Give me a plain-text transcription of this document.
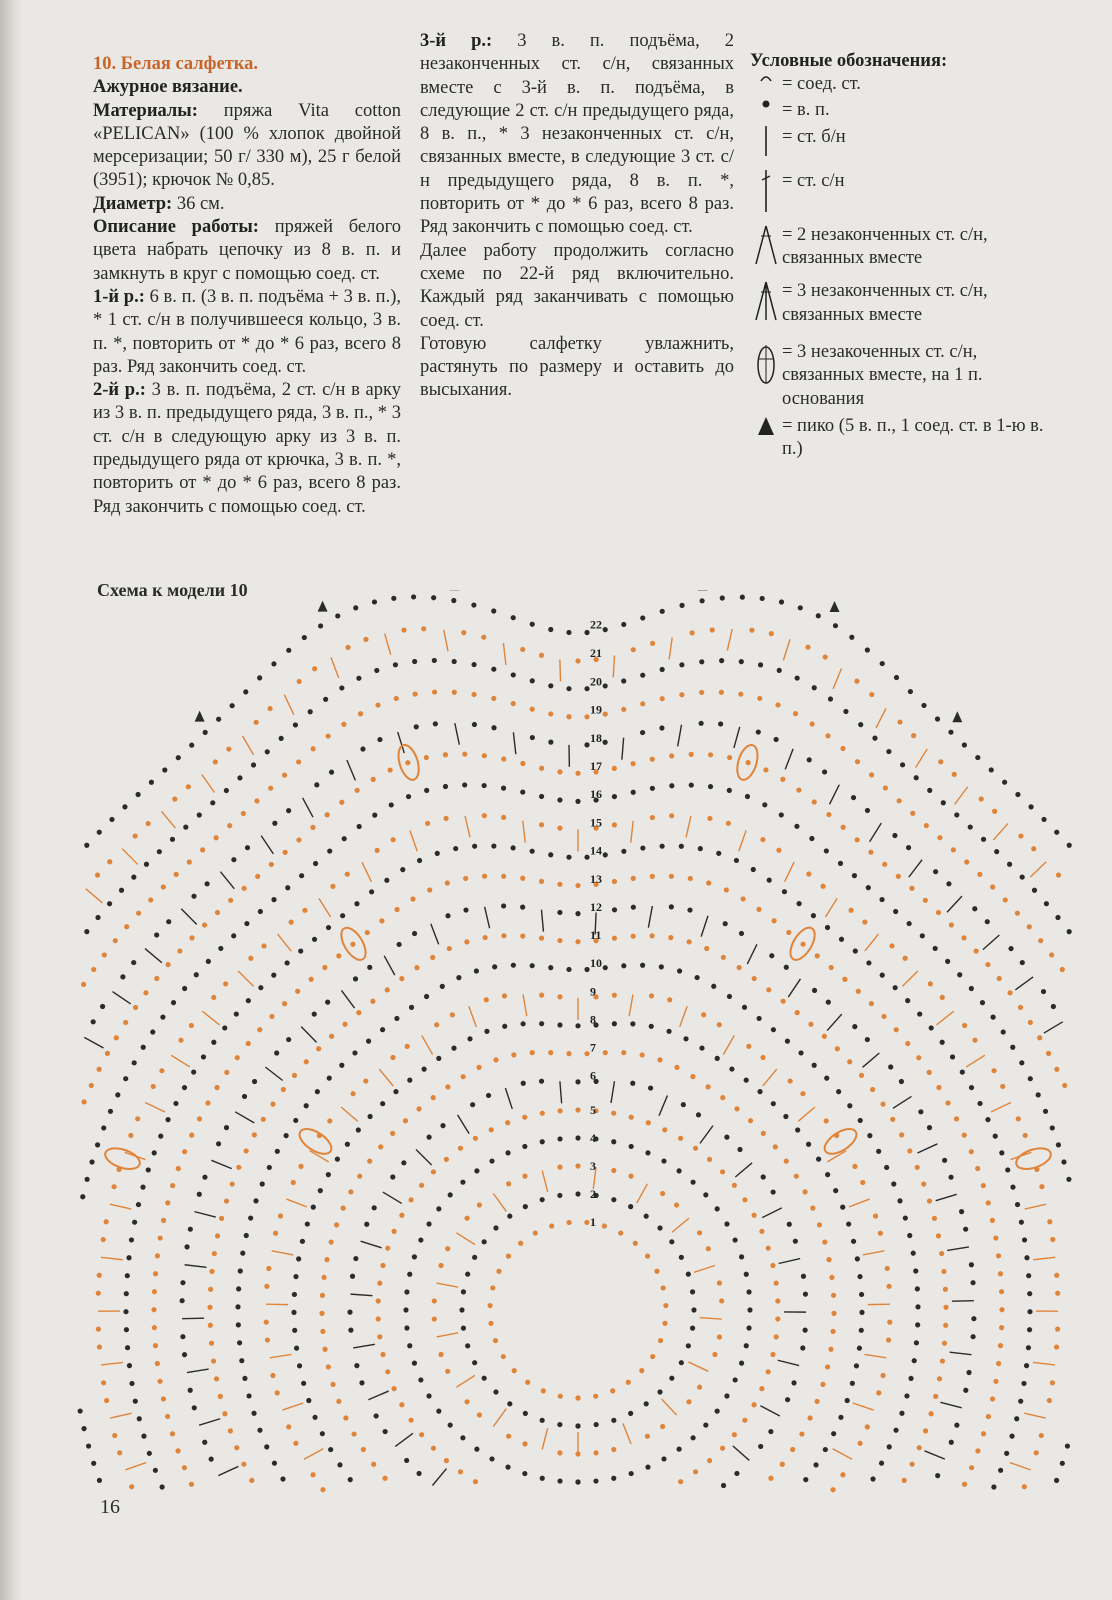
10. Белая салфетка.

Ажурное вязание.

Материалы: пряжа Vita cotton «PELICAN» (100 % хлопок двойной мерсеризации; 50 г/ 330 м), 25 г белой (3951); крючок № 0,85.

Диаметр: 36 см.

Описание работы: пряжей белого цвета набрать цепочку из 8 в. п. и замкнуть в круг с помощью соед. ст.

1-й р.: 6 в. п. (3 в. п. подъёма + 3 в. п.), * 1 ст. с/н в получившееся кольцо, 3 в. п. *, повторить от * до * 6 раз, всего 8 раз. Ряд закончить соед. ст.

2-й р.: 3 в. п. подъёма, 2 ст. с/н в арку из 3 в. п. предыдущего ряда, 3 в. п., * 3 ст. с/н в следующую арку из 3 в. п. предыдущего ряда от крючка, 3 в. п. *, повторить от * до * 6 раз, всего 8 раз. Ряд закончить с помощью соед. ст.

3-й р.: 3 в. п. подъёма, 2 незаконченных ст. с/н, связанных вместе с 3-й в. п. подъёма, в следующие 2 ст. с/н предыдущего ряда, 8 в. п., * 3 незаконченных ст. с/н, связанных вместе, в следующие 3 ст. с/н предыдущего ряда, 8 в. п. *, повторить от * до * 6 раз, всего 8 раз. Ряд закончить с помощью соед. ст.

Далее работу продолжить согласно схеме по 22-й ряд включительно. Каждый ряд заканчивать с помощью соед. ст.

Готовую салфетку увлажнить, растянуть по размеру и оставить до высыхания.

Условные обозначения:

= соед. ст.
= в. п.
= ст. б/н
= ст. с/н
= 2 незаконченных ст. с/н, связанных вместе
= 3 незаконченных ст. с/н, связанных вместе
= 3 незакоченных ст. с/н, связанных вместе, на 1 п. основания
= пико (5 в. п., 1 соед. ст. в 1-ю в. п.)
Схема к модели 10
1
2
3
4
5
6
7
8
9
10
11
12
13
14
15
16
17
18
19
20
21
22
16
